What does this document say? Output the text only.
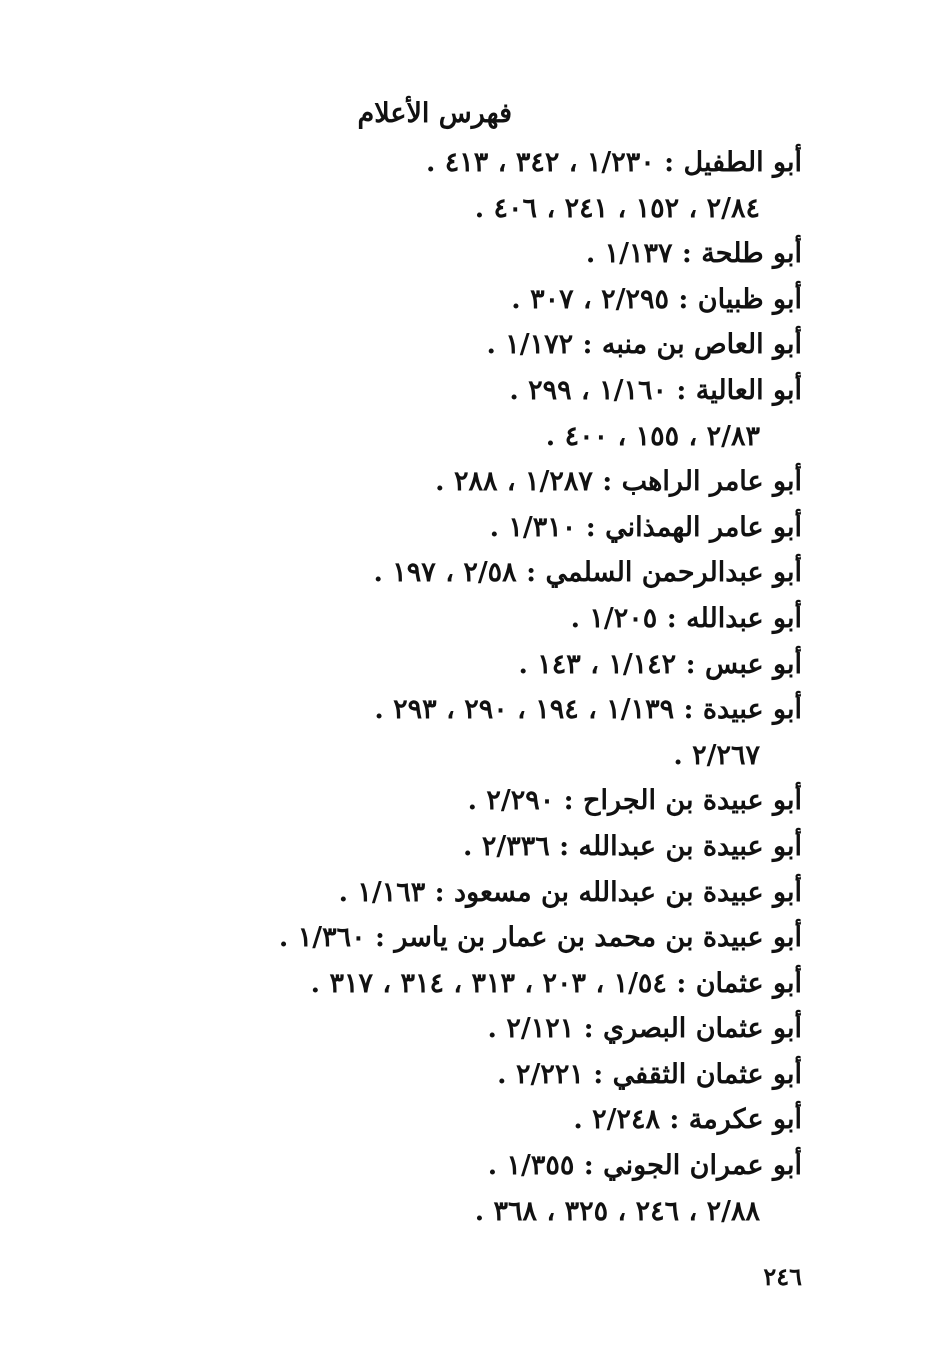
فهرس الأعلام
أبو الطفيل : ١/٢٣٠ ، ٣٤٢ ، ٤١٣ .
٢/٨٤ ، ١٥٢ ، ٢٤١ ، ٤٠٦ .
أبو طلحة : ١/١٣٧ .
أبو ظبيان : ٢/٢٩٥ ، ٣٠٧ .
أبو العاص بن منبه : ١/١٧٢ .
أبو العالية : ١/١٦٠ ، ٢٩٩ .
٢/٨٣ ، ١٥٥ ، ٤٠٠ .
أبو عامر الراهب : ١/٢٨٧ ، ٢٨٨ .
أبو عامر الهمذاني : ١/٣١٠ .
أبو عبدالرحمن السلمي : ٢/٥٨ ، ١٩٧ .
أبو عبدالله : ١/٢٠٥ .
أبو عبس : ١/١٤٢ ، ١٤٣ .
أبو عبيدة : ١/١٣٩ ، ١٩٤ ، ٢٩٠ ، ٢٩٣ .
٢/٢٦٧ .
أبو عبيدة بن الجراح : ٢/٢٩٠ .
أبو عبيدة بن عبدالله : ٢/٣٣٦ .
أبو عبيدة بن عبدالله بن مسعود : ١/١٦٣ .
أبو عبيدة بن محمد بن عمار بن ياسر : ١/٣٦٠ .
أبو عثمان : ١/٥٤ ، ٢٠٣ ، ٣١٣ ، ٣١٤ ، ٣١٧ .
أبو عثمان البصري : ٢/١٢١ .
أبو عثمان الثقفي : ٢/٢٢١ .
أبو عكرمة : ٢/٢٤٨ .
أبو عمران الجوني : ١/٣٥٥ .
٢/٨٨ ، ٢٤٦ ، ٣٢٥ ، ٣٦٨ .
٢٤٦
